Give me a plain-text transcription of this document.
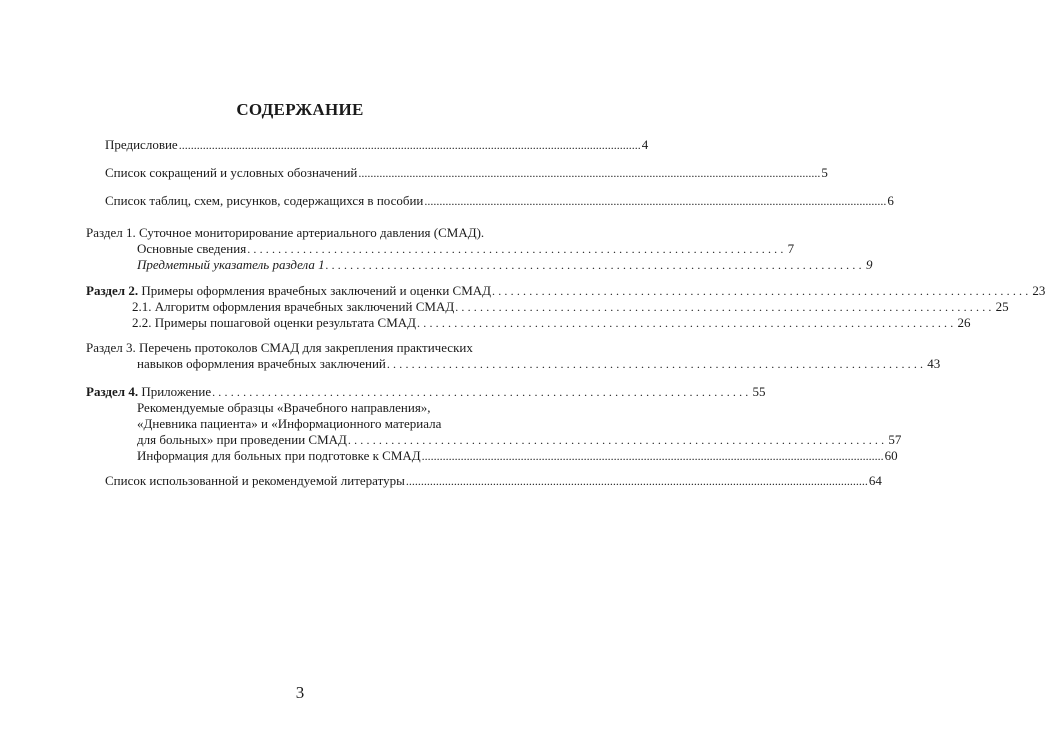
СОДЕРЖАНИЕ
Предисловие .......................................................................................................................................................... 4
Список сокращений и условных обозначений .......................................................................................................................................................... 5
Список таблиц, схем, рисунков, содержащихся в пособии .......................................................................................................................................................... 6
Раздел 1. Суточное мониторирование артериального давления (СМАД).
Основные сведения ....................................................................................... 7
Предметный указатель раздела 1 ....................................................................................... 9
Раздел 2. Примеры оформления врачебных заключений и оценки СМАД ....................................................................................... 23
2.1. Алгоритм оформления врачебных заключений СМАД ....................................................................................... 25
2.2. Примеры пошаговой оценки результата СМАД ....................................................................................... 26
Раздел 3. Перечень протоколов СМАД для закрепления практических
навыков оформления врачебных заключений ....................................................................................... 43
Раздел 4. Приложение ....................................................................................... 55
Рекомендуемые образцы «Врачебного направления»,
«Дневника пациента» и «Информационного материала
для больных» при проведении СМАД ....................................................................................... 57
Информация для больных при подготовке к СМАД .......................................................................................................................................................... 60
Список использованной и рекомендуемой литературы .......................................................................................................................................................... 64
3
